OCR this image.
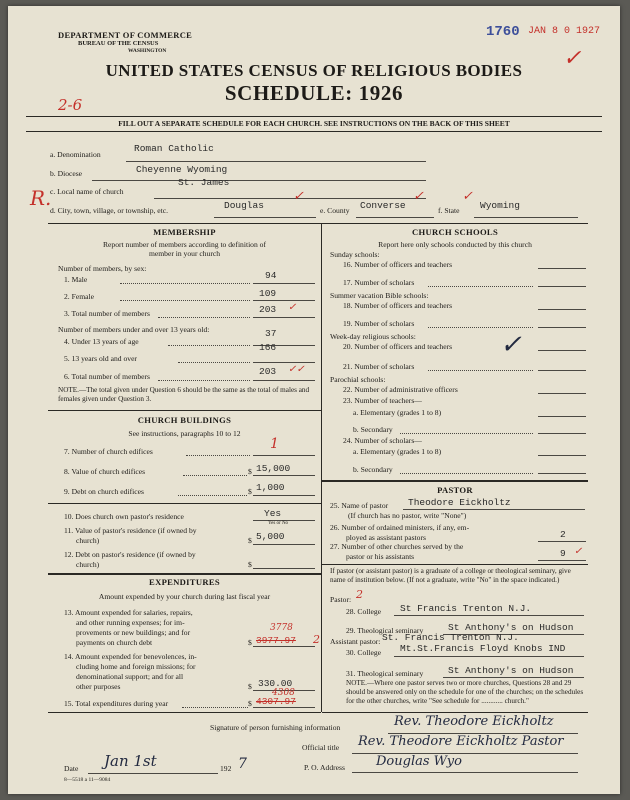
DEPARTMENT OF COMMERCE
BUREAU OF THE CENSUS
WASHINGTON
1760 JAN 8 0 1927
✓
UNITED STATES CENSUS OF RELIGIOUS BODIES
SCHEDULE: 1926
2-6
FILL OUT A SEPARATE SCHEDULE FOR EACH CHURCH. SEE INSTRUCTIONS ON THE BACK OF THIS SHEET
a. Denomination
Roman Catholic
b. Diocese	Cheyenne Wyoming
c. Local name of church
St. James
R.
d. City, town, village, or township, etc.	Douglas
✓
e. County Converse
✓
f. State Wyoming
✓
MEMBERSHIP
Report number of members according to definition of
member in your church
Number of members, by sex:
1. Male	94
2. Female	109
3. Total number of members	203 ✓
Number of members under and over 13 years old:
4. Under 13 years of age
37
5. 13 years old and over
166
6. Total number of members	203 ✓✓
NOTE.—The total given under Question 6 should be the same as the total of males and females given under Question 3.
CHURCH BUILDINGS
See instructions, paragraphs 10 to 12
7. Number of church edifices	1
8. Value of church edifices	$ 15,000
9. Debt on church edifices	$ 1,000
10. Does church own pastor's residence	Yes
Yes or No
11. Value of pastor's residence (if owned by
church)	$ 5,000
12. Debt on pastor's residence (if owned by
church)	$
EXPENDITURES
Amount expended by your church during last fiscal year
13. Amount expended for salaries, repairs,
and other running expenses; for im-
provements or new buildings; and for
payments on church debt	$
3778
3977.97 2
14. Amount expended for benevolences, in-
cluding home and foreign missions; for
denominational support; and for all
other purposes	$ 330.00
15. Total expenditures during year	$
4308
4307.97
CHURCH SCHOOLS
Report here only schools conducted by this church
Sunday schools:
16. Number of officers and teachers
17. Number of scholars
Summer vacation Bible schools:
18. Number of officers and teachers
19. Number of scholars
Week-day religious schools:
20. Number of officers and teachers ✓
21. Number of scholars
Parochial schools:
22. Number of administrative officers
23. Number of teachers—
a. Elementary (grades 1 to 8)
b. Secondary
24. Number of scholars—
a. Elementary (grades 1 to 8)
b. Secondary
PASTOR
25. Name of pastor Theodore Eickholtz
(If church has no pastor, write "None")
26. Number of ordained ministers, if any, em-
ployed as assistant pastors	2
27. Number of other churches served by the
pastor or his assistants	9 ✓
If pastor (or assistant pastor) is a graduate of a college or theological seminary, give name of institution below. (If not a graduate, write "No" in the space indicated.)
Pastor: 2
28. College St Francis Trenton N.J.
29. Theological seminary	St Anthony's on Hudson
Assistant pastor: St. Francis Trenton N.J.
30. College Mt.St.Francis Floyd Knobs IND
31. Theological seminary	St Anthony's on Hudson
NOTE.—Where one pastor serves two or more churches, Questions 28 and 29 should be answered only on the schedule for one of the churches; on the schedules for the other churches, write "See schedule for ............ church."
Signature of person furnishing information	Rev. Theodore Eickholtz
Official title Rev. Theodore Eickholtz Pastor
Date Jan 1st	192 7	P. O. Address Douglas Wyo
8—5518 a 11—9084
